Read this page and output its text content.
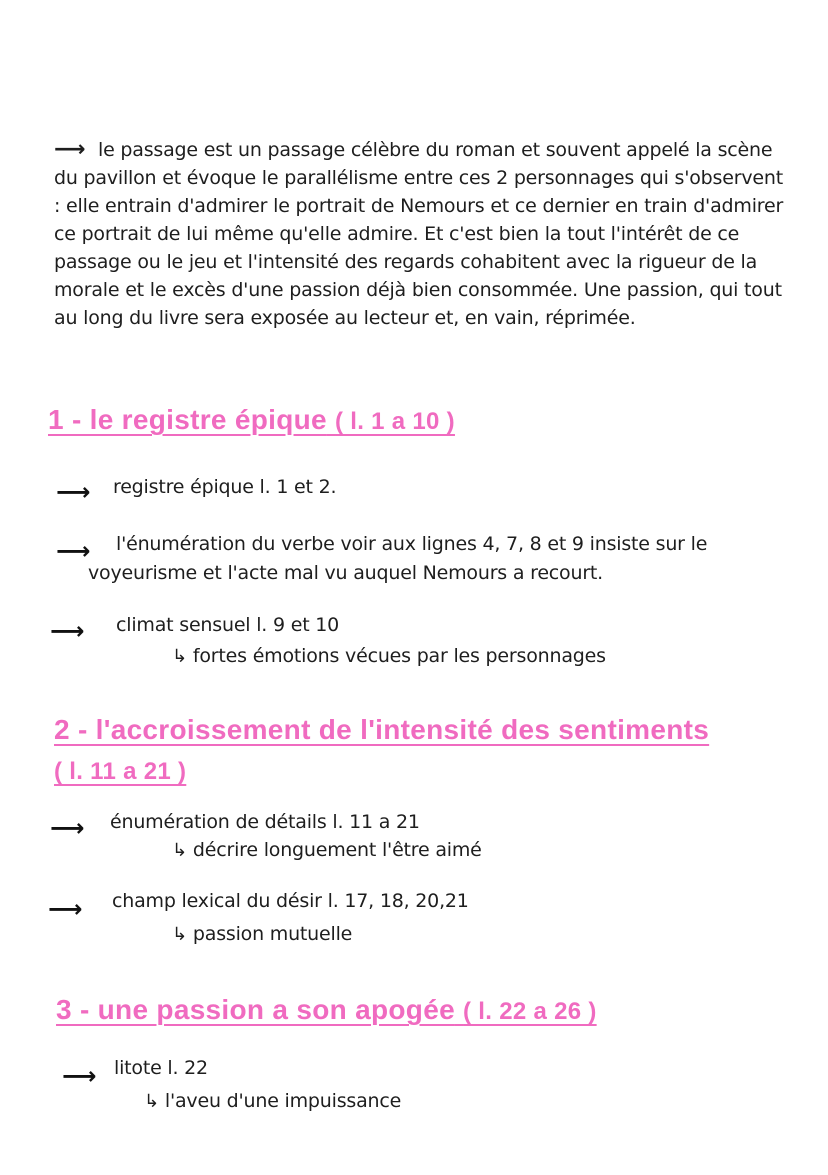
⟶ le passage est un passage célèbre du roman et souvent appelé la scène du pavillon et évoque le parallélisme entre ces 2 personnages qui s'observent : elle entrain d'admirer le portrait de Nemours et ce dernier en train d'admirer ce portrait de lui même qu'elle admire. Et c'est bien la tout l'intérêt de ce passage ou le jeu et l'intensité des regards cohabitent avec la rigueur de la morale et le excès d'une passion déjà bien consommée. Une passion, qui tout au long du livre sera exposée au lecteur et, en vain, réprimée.
1 - le registre épique ( l. 1 a 10 )
⟶ registre épique l. 1 et 2.
⟶ l'énumération du verbe voir aux lignes 4, 7, 8 et 9 insiste sur le
voyeurisme et l'acte mal vu auquel Nemours a recourt.
⟶ climat sensuel l. 9 et 10
↳ fortes émotions vécues par les personnages
2 - l'accroissement de l'intensité des sentiments
( l. 11 a 21 )
⟶ énumération de détails l. 11 a 21
↳ décrire longuement l'être aimé
⟶ champ lexical du désir l. 17, 18, 20,21
↳ passion mutuelle
3 - une passion a son apogée ( l. 22 a 26 )
⟶ litote l. 22
↳ l'aveu d'une impuissance
